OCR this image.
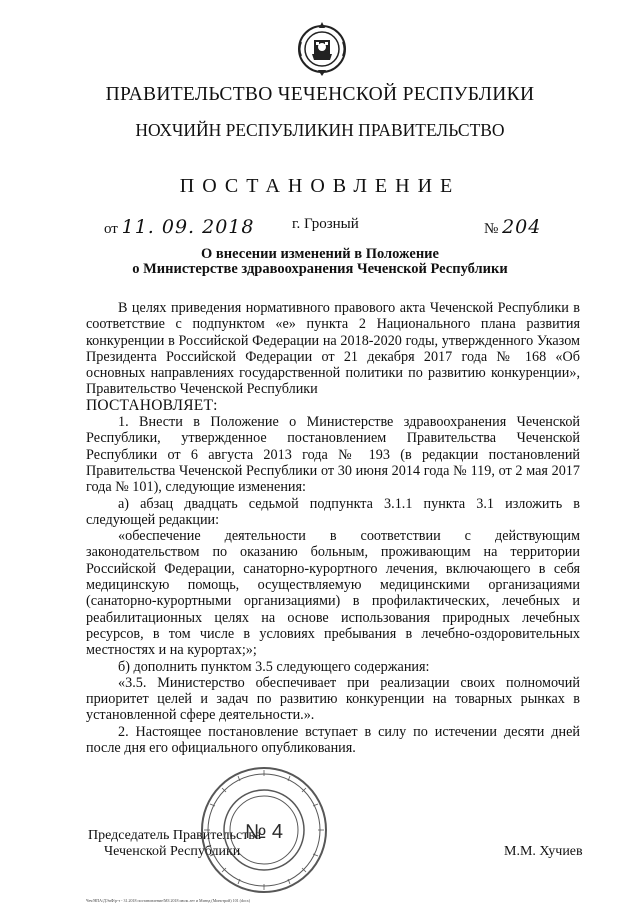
ПРАВИТЕЛЬСТВО ЧЕЧЕНСКОЙ РЕСПУБЛИКИ
НОХЧИЙН РЕСПУБЛИКИН ПРАВИТЕЛЬСТВО
ПОСТАНОВЛЕНИЕ
от 11. 09. 2018	г. Грозный	№ 204
О внесении изменений в Положение
о Министерстве здравоохранения Чеченской Республики

В целях приведения нормативного правового акта Чеченской Республики в соответствие с подпунктом «е» пункта 2 Национального плана развития конкуренции в Российской Федерации на 2018-2020 годы, утвержденного Указом Президента Российской Федерации от 21 декабря 2017 года № 168 «Об основных направлениях государственной политики по развитию конкуренции», Правительство Чеченской Республики

ПОСТАНОВЛЯЕТ:

1. Внести в Положение о Министерстве здравоохранения Чеченской Республики, утвержденное постановлением Правительства Чеченской Республики от 6 августа 2013 года № 193 (в редакции постановлений Правительства Чеченской Республики от 30 июня 2014 года № 119, от 2 мая 2017 года № 101), следующие изменения:

а) абзац двадцать седьмой подпункта 3.1.1 пункта 3.1 изложить в следующей редакции:

«обеспечение деятельности в соответствии с действующим законодательством по оказанию больным, проживающим на территории Российской Федерации, санаторно-курортного лечения, включающего в себя медицинскую помощь, осуществляемую медицинскими организациями (санаторно-курортными организациями) в профилактических, лечебных и реабилитационных целях на основе использования природных лечебных ресурсов, в том числе в условиях пребывания в лечебно-оздоровительных местностях и на курортах;»;

б) дополнить пунктом 3.5 следующего содержания:

«3.5. Министерство обеспечивает при реализации своих полномочий приоритет целей и задач по развитию конкуренции на товарных рынках в установленной сфере деятельности.».

2. Настоящее постановление вступает в силу по истечении десяти дней после дня его официального опубликования.

Председатель Правительства
Чеченской Республики	М.М. Хучиев
№ 4
Чеч/НПА/ДЭиФ/р-т - 31.2018 постановление/МЗ 2018 июль лет и Минзд (Минстрой) 101 (docx)
